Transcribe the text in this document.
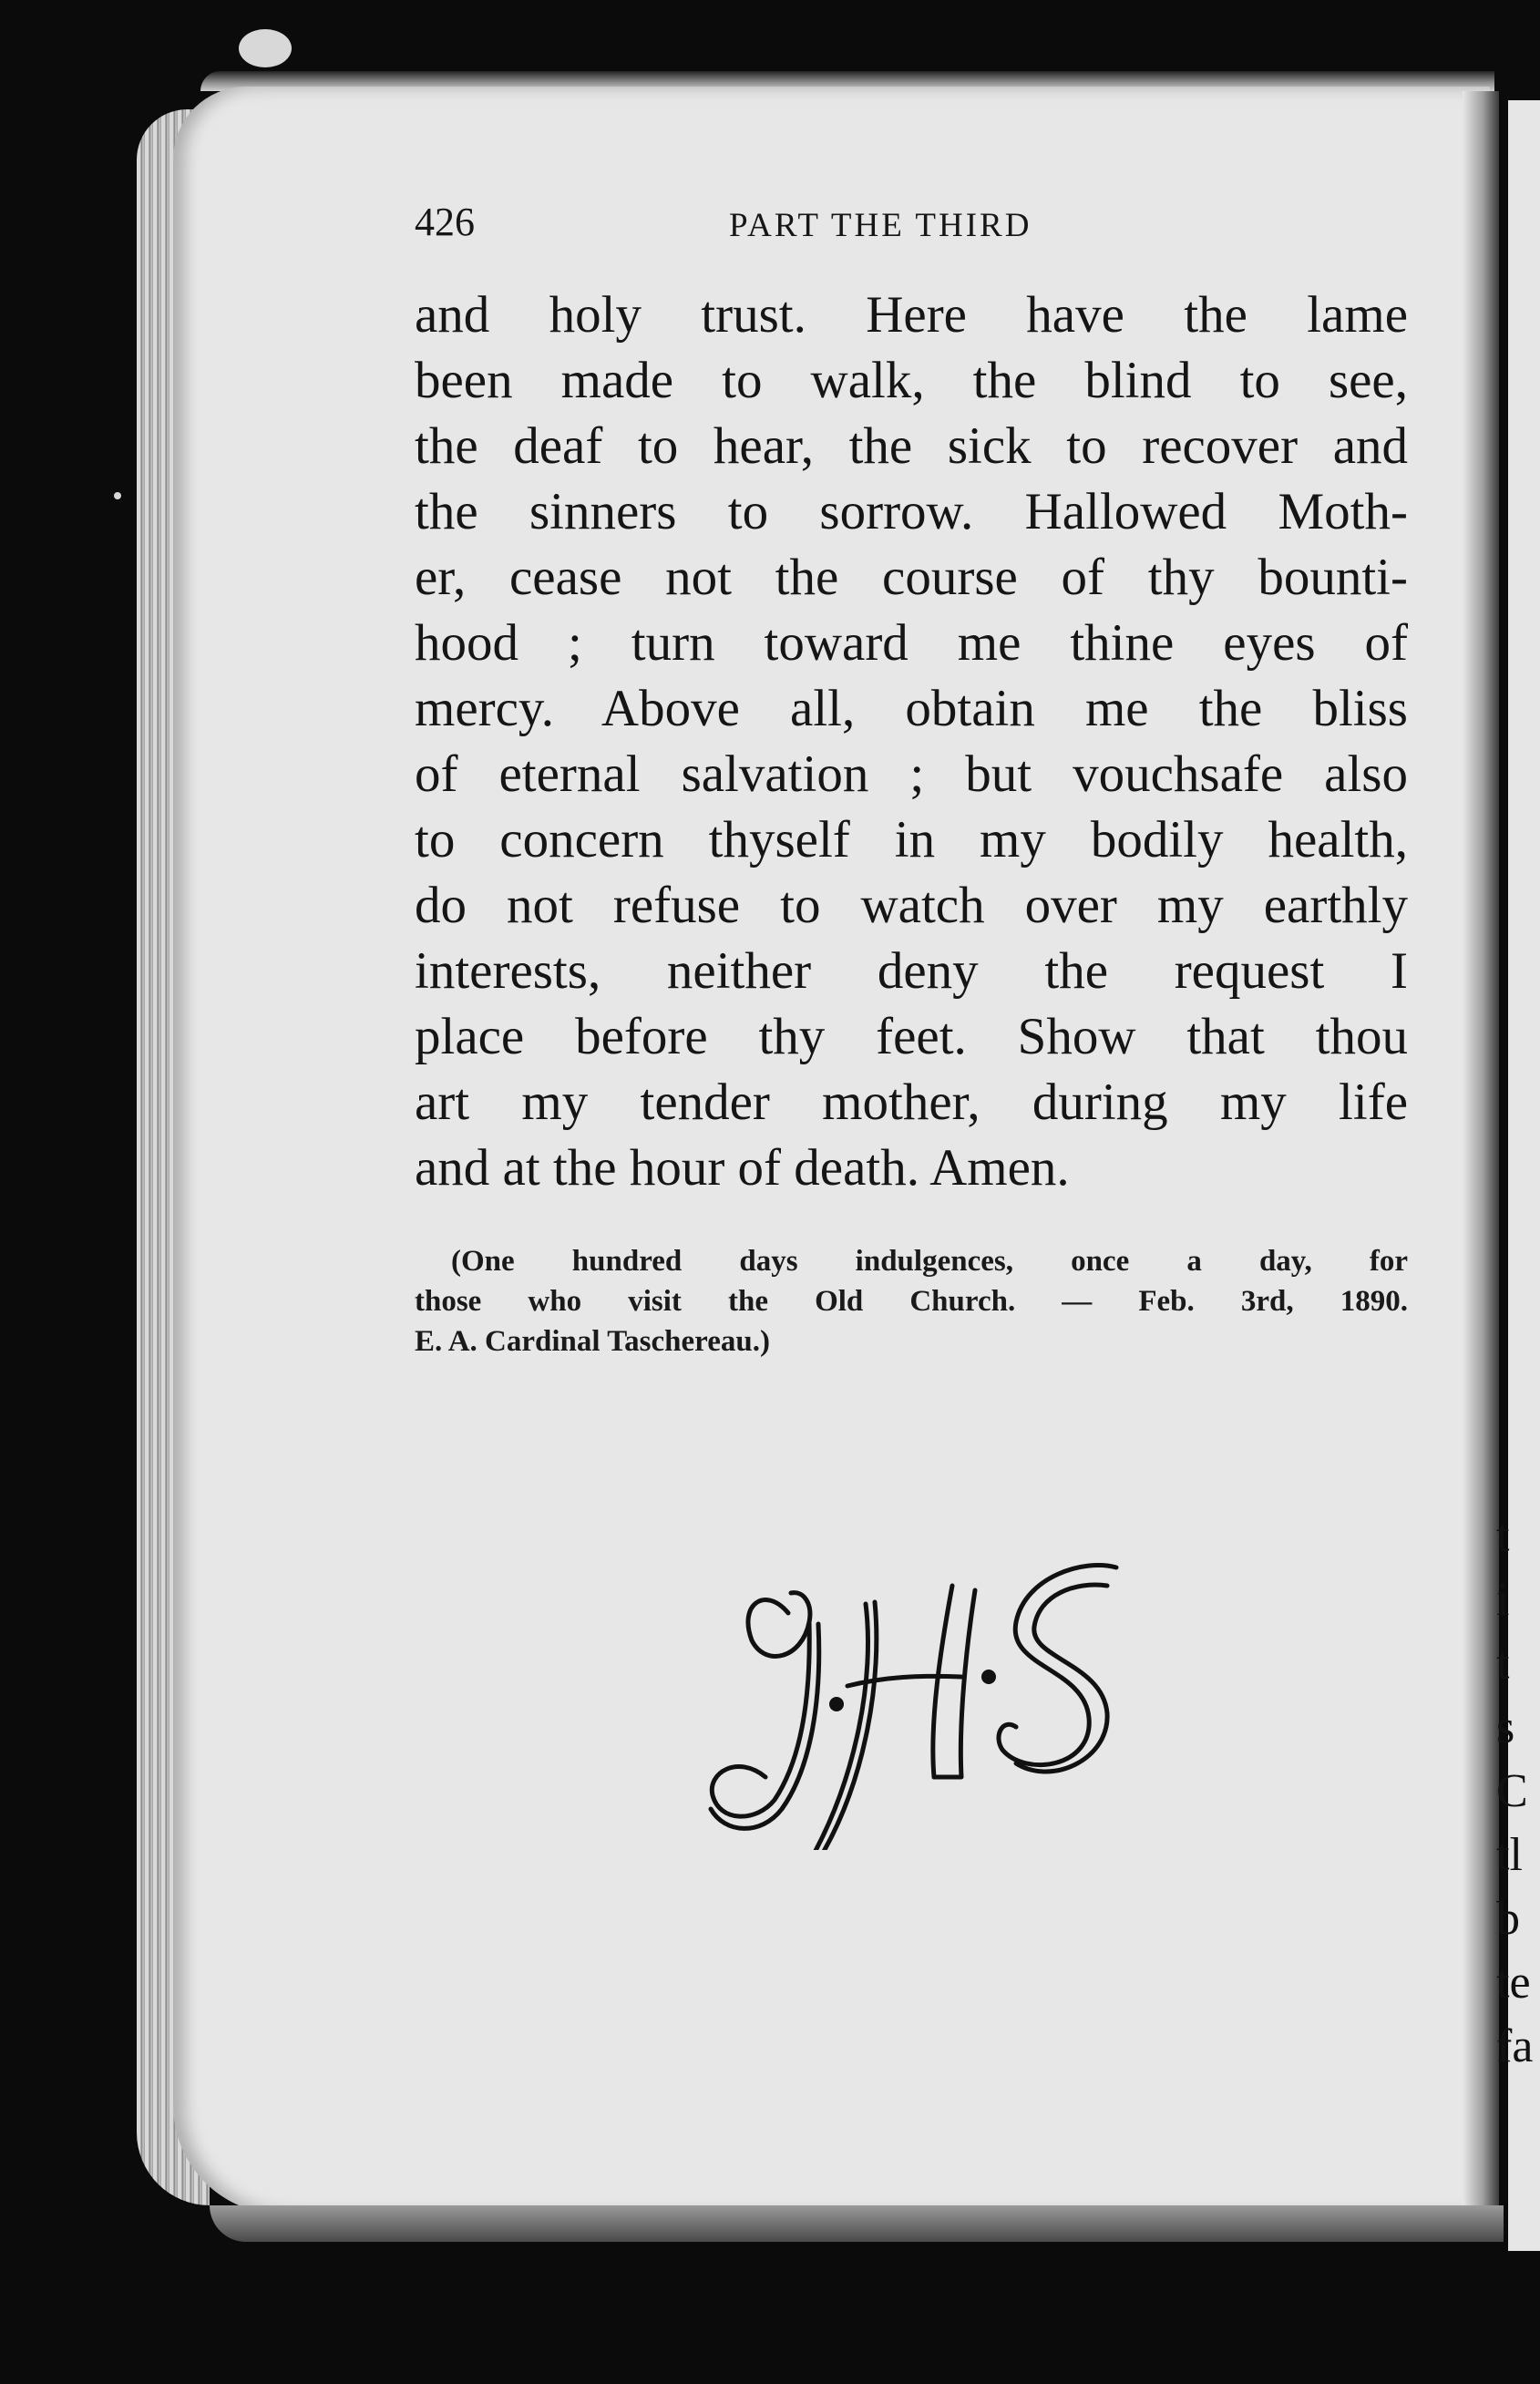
426	PART THE THIRD
and holy trust. Here have the lame
been made to walk, the blind to see,
the deaf to hear, the sick to recover and
the sinners to sorrow. Hallowed Moth-
er, cease not the course of thy bounti-
hood ; turn toward me thine eyes of
mercy. Above all, obtain me the bliss
of eternal salvation ; but vouchsafe also
to concern thyself in my bodily health,
do not refuse to watch over my earthly
interests, neither deny the request I
place before thy feet. Show that thou
art my tender mother, during my life
and at the hour of death. Amen.
(One hundred days indulgences, once a day, for
those who visit the Old Church. — Feb. 3rd, 1890.
E. A. Cardinal Taschereau.)
t
i
t
s
C
tl
b
te
fa
